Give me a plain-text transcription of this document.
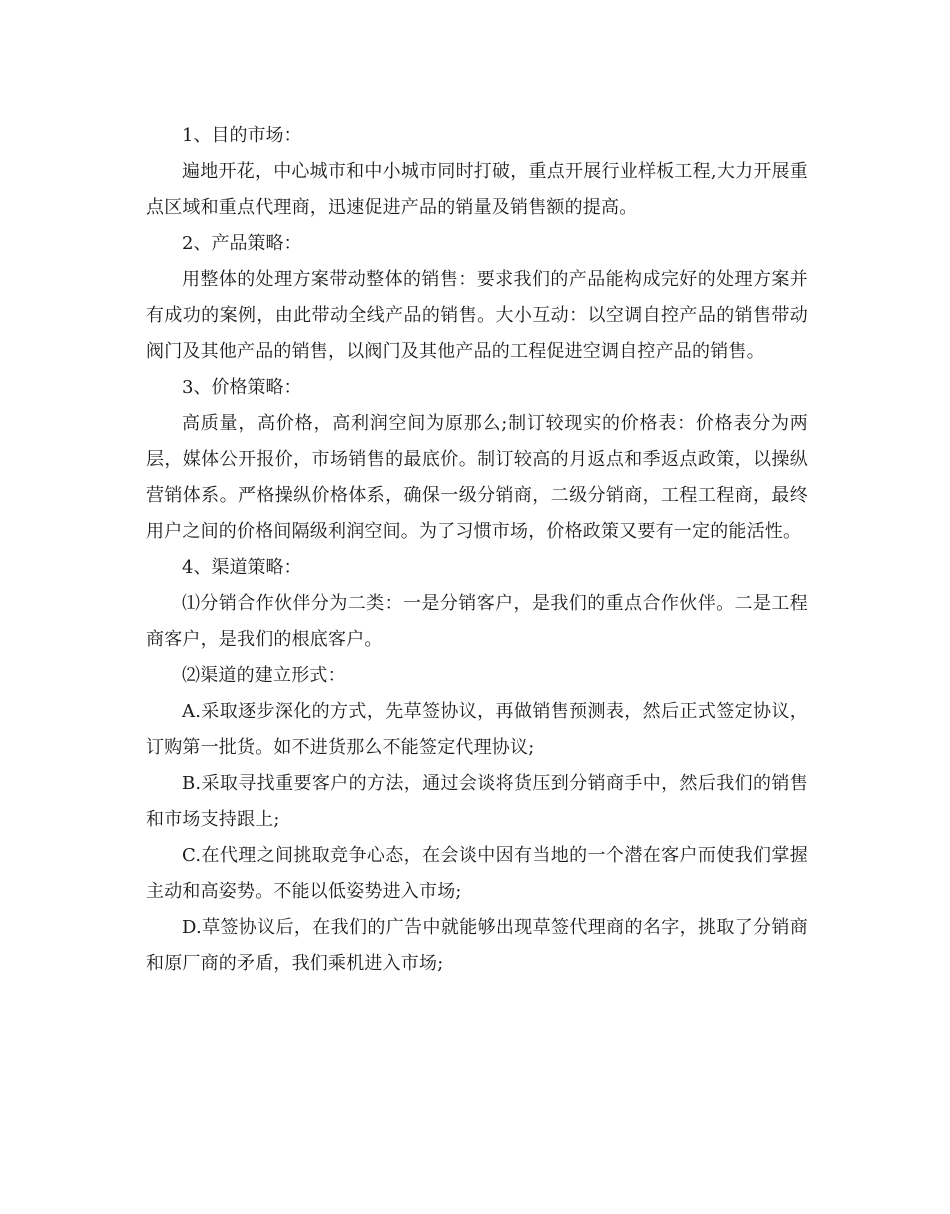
1、目的市场：

遍地开花，中心城市和中小城市同时打破，重点开展行业样板工程,大力开展重点区域和重点代理商，迅速促进产品的销量及销售额的提高。

2、产品策略：

用整体的处理方案带动整体的销售：要求我们的产品能构成完好的处理方案并有成功的案例，由此带动全线产品的销售。大小互动：以空调自控产品的销售带动阀门及其他产品的销售，以阀门及其他产品的工程促进空调自控产品的销售。

3、价格策略：

高质量，高价格，高利润空间为原那么;制订较现实的价格表：价格表分为两层，媒体公开报价，市场销售的最底价。制订较高的月返点和季返点政策，以操纵营销体系。严格操纵价格体系，确保一级分销商，二级分销商，工程工程商，最终用户之间的价格间隔级利润空间。为了习惯市场，价格政策又要有一定的能活性。

4、渠道策略：

⑴分销合作伙伴分为二类：一是分销客户，是我们的重点合作伙伴。二是工程商客户，是我们的根底客户。

⑵渠道的建立形式：

A.采取逐步深化的方式，先草签协议，再做销售预测表，然后正式签定协议，订购第一批货。如不进货那么不能签定代理协议;

B.采取寻找重要客户的方法，通过会谈将货压到分销商手中，然后我们的销售和市场支持跟上;

C.在代理之间挑取竞争心态，在会谈中因有当地的一个潜在客户而使我们掌握主动和高姿势。不能以低姿势进入市场;

D.草签协议后，在我们的广告中就能够出现草签代理商的名字，挑取了分销商和原厂商的矛盾，我们乘机进入市场;
